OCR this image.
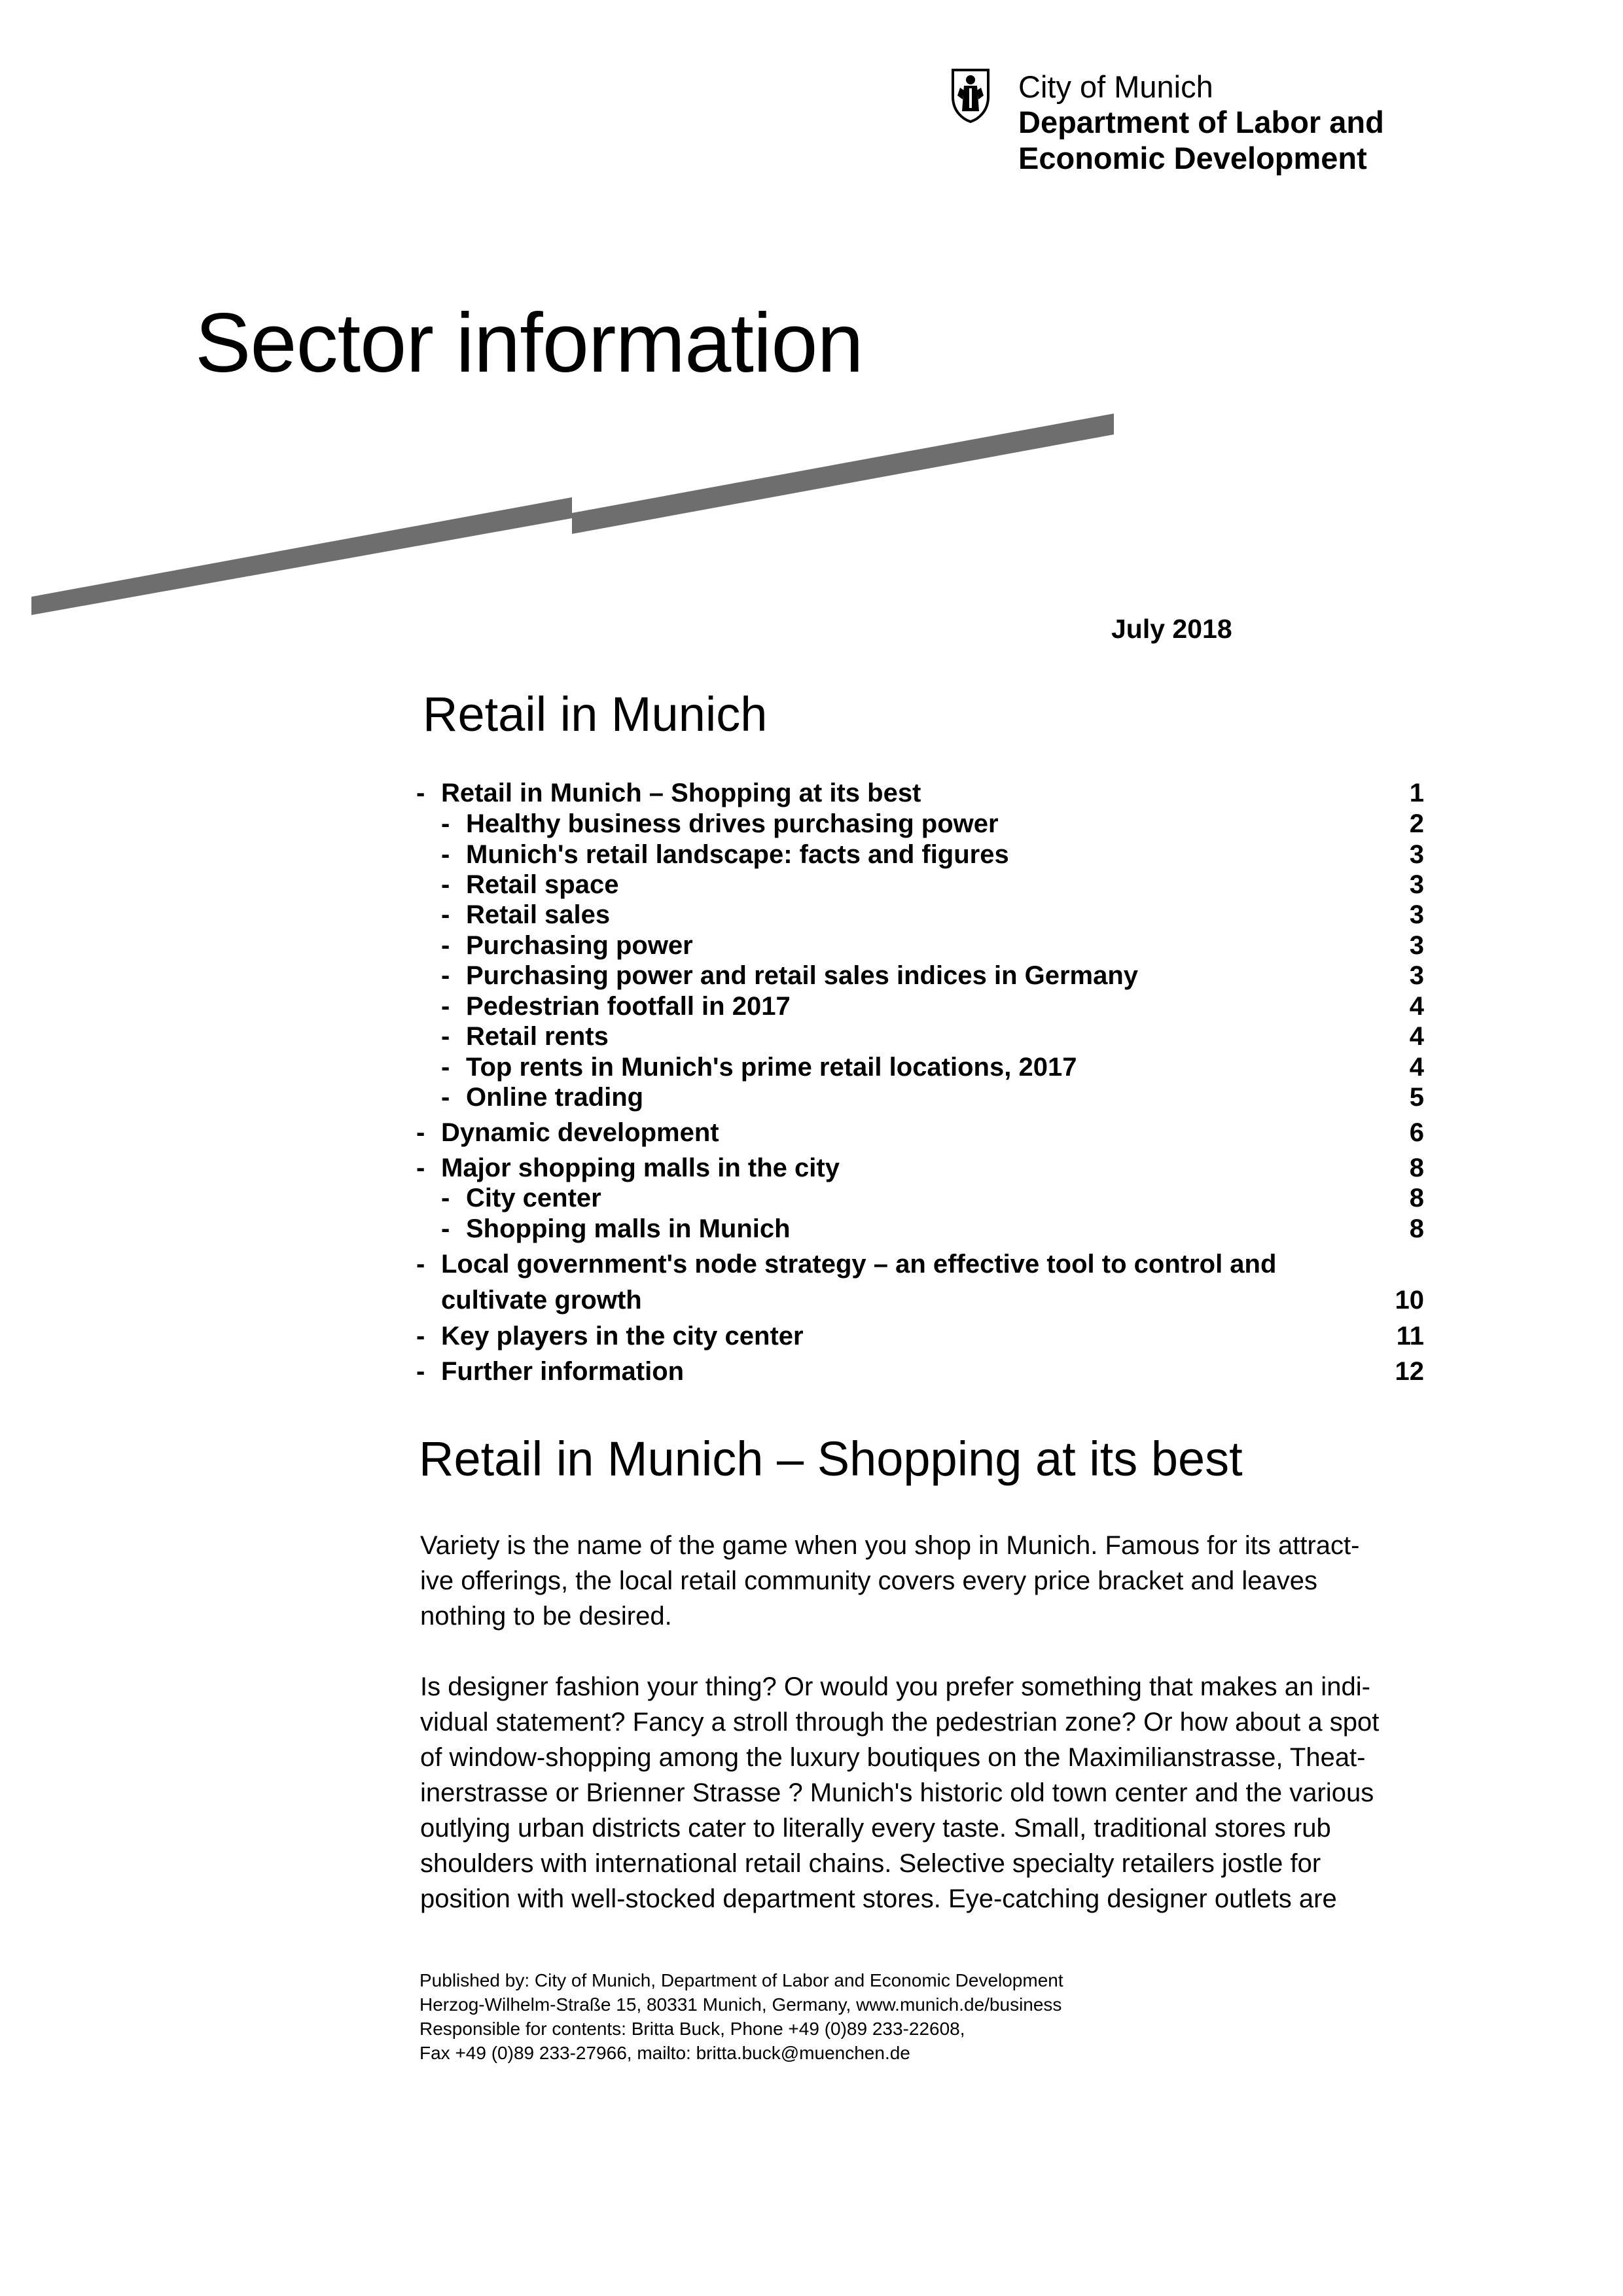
City of Munich
Department of Labor and
Economic Development
Sector information
July 2018
Retail in Munich
- Retail in Munich – Shopping at its best	1
- Healthy business drives purchasing power	2
- Munich's retail landscape: facts and figures	3
- Retail space	3
- Retail sales	3
- Purchasing power	3
- Purchasing power and retail sales indices in Germany	3
- Pedestrian footfall in 2017	4
- Retail rents	4
- Top rents in Munich's prime retail locations, 2017	4
- Online trading	5
- Dynamic development	6
- Major shopping malls in the city	8
- City center	8
- Shopping malls in Munich	8
- Local government's node strategy – an effective tool to control and
cultivate growth	10
- Key players in the city center	11
- Further information	12
Retail in Munich – Shopping at its best
Variety is the name of the game when you shop in Munich. Famous for its attract-
ive offerings, the local retail community covers every price bracket and leaves
nothing to be desired.
Is designer fashion your thing? Or would you prefer something that makes an indi-
vidual statement? Fancy a stroll through the pedestrian zone? Or how about a spot
of window-shopping among the luxury boutiques on the Maximilianstrasse, Theat-
inerstrasse or Brienner Strasse ? Munich's historic old town center and the various
outlying urban districts cater to literally every taste. Small, traditional stores rub
shoulders with international retail chains. Selective specialty retailers jostle for
position with well-stocked department stores. Eye-catching designer outlets are
Published by: City of Munich, Department of Labor and Economic Development
Herzog-Wilhelm-Straße 15, 80331 Munich, Germany, www.munich.de/business
Responsible for contents: Britta Buck, Phone +49 (0)89 233-22608,
Fax +49 (0)89 233-27966, mailto: britta.buck@muenchen.de
